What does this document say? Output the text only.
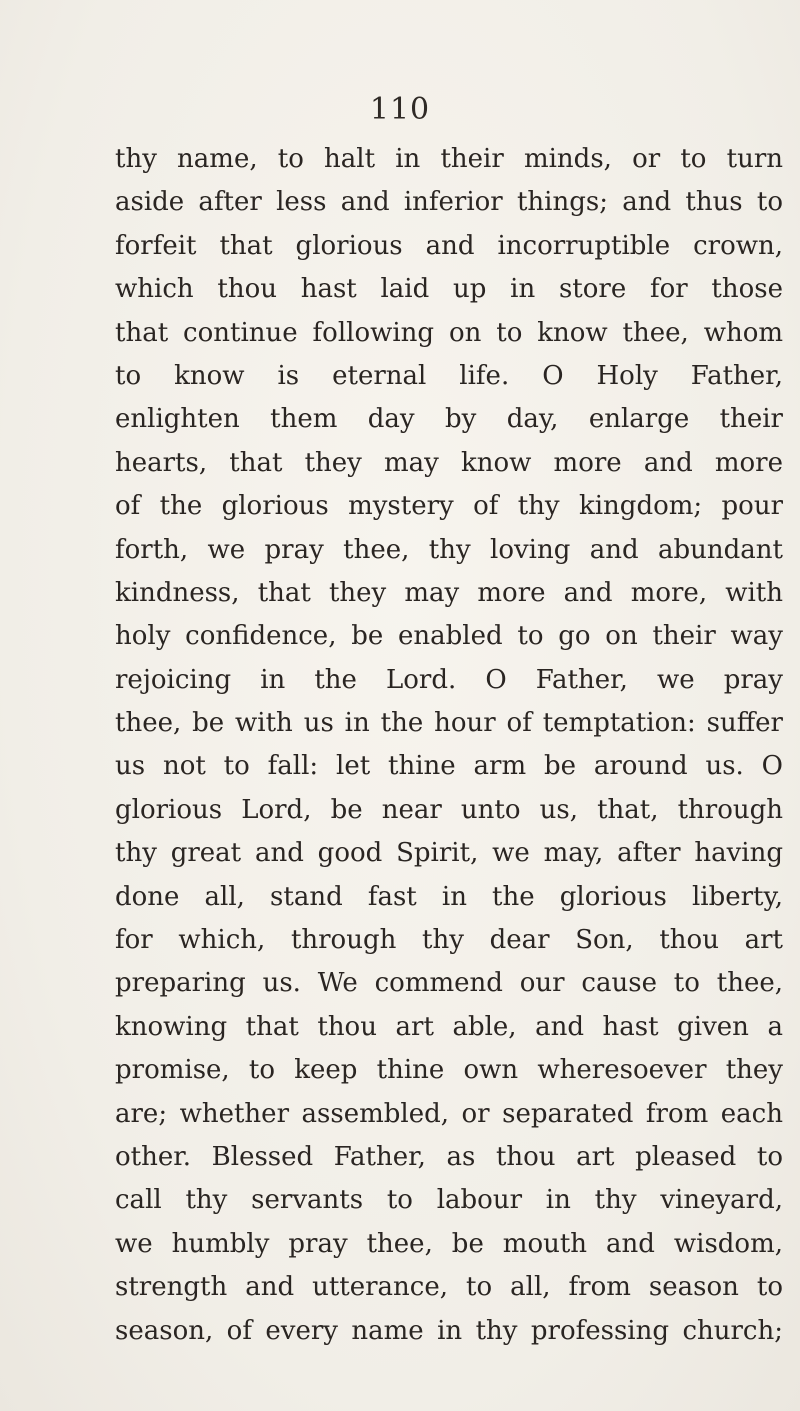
110
thy name, to halt in their minds, or to turn
aside after less and inferior things; and thus to
forfeit that glorious and incorruptible crown,
which thou hast laid up in store for those
that continue following on to know thee, whom
to know is eternal life. O Holy Father,
enlighten them day by day, enlarge their
hearts, that they may know more and more
of the glorious mystery of thy kingdom; pour
forth, we pray thee, thy loving and abundant
kindness, that they may more and more, with
holy confidence, be enabled to go on their way
rejoicing in the Lord. O Father, we pray
thee, be with us in the hour of temptation: suffer
us not to fall: let thine arm be around us. O
glorious Lord, be near unto us, that, through
thy great and good Spirit, we may, after having
done all, stand fast in the glorious liberty,
for which, through thy dear Son, thou art
preparing us. We commend our cause to thee,
knowing that thou art able, and hast given a
promise, to keep thine own wheresoever they
are; whether assembled, or separated from each
other. Blessed Father, as thou art pleased to
call thy servants to labour in thy vineyard,
we humbly pray thee, be mouth and wisdom,
strength and utterance, to all, from season to
season, of every name in thy professing church;
